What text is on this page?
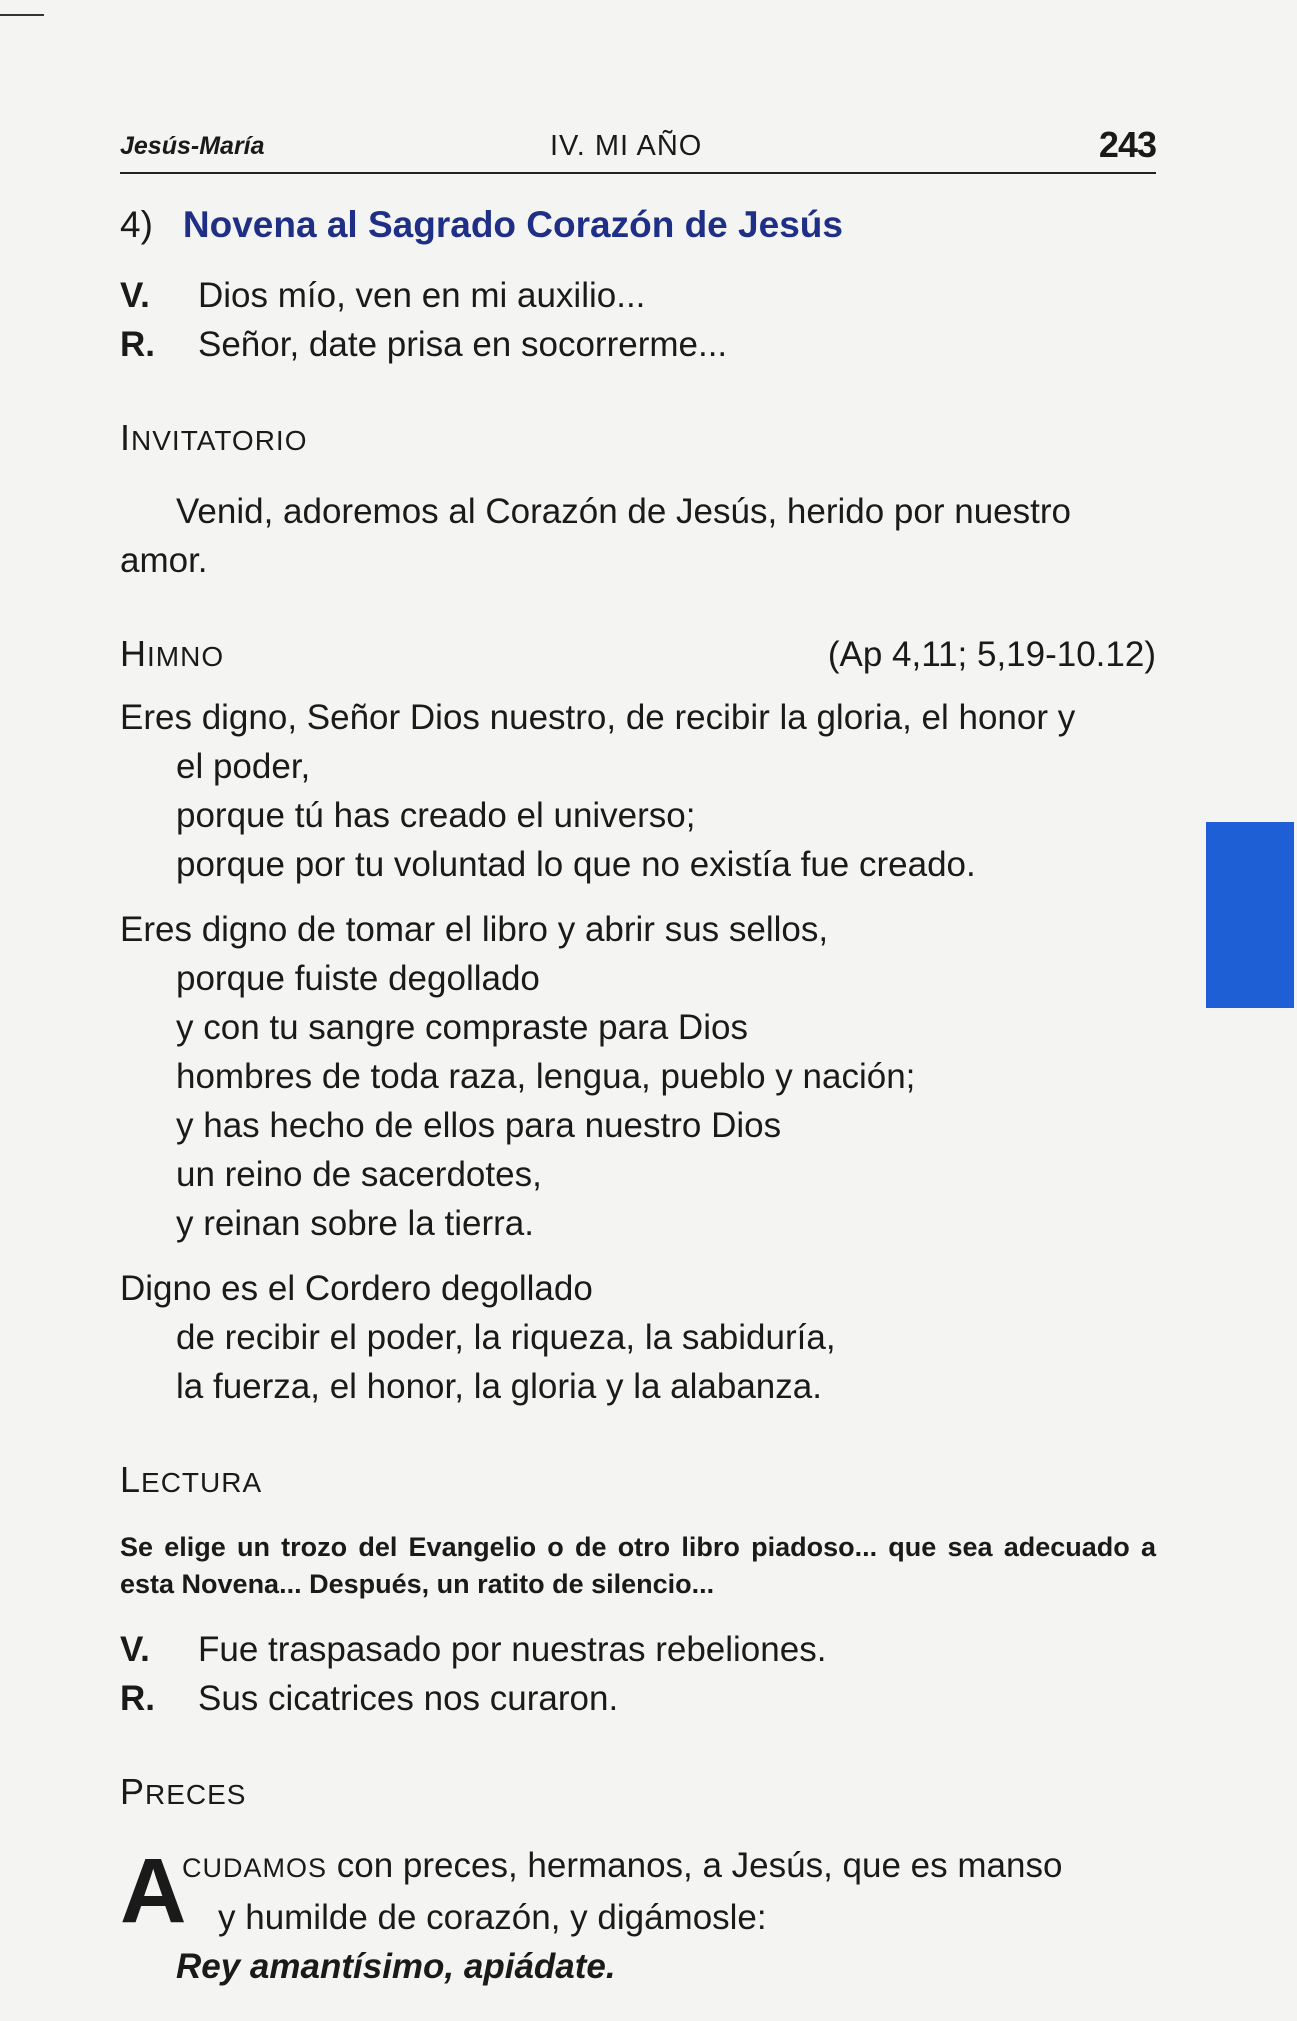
Jesús-María	IV. MI AÑO	243
4) Novena al Sagrado Corazón de Jesús
V.	Dios mío, ven en mi auxilio...
R.	Señor, date prisa en socorrerme...
INVITATORIO
Venid, adoremos al Corazón de Jesús, herido por nuestro amor.
HIMNO	(Ap 4,11; 5,19-10.12)
Eres digno, Señor Dios nuestro, de recibir la gloria, el honor y
el poder,
porque tú has creado el universo;
porque por tu voluntad lo que no existía fue creado.
Eres digno de tomar el libro y abrir sus sellos,
porque fuiste degollado
y con tu sangre compraste para Dios
hombres de toda raza, lengua, pueblo y nación;
y has hecho de ellos para nuestro Dios
un reino de sacerdotes,
y reinan sobre la tierra.
Digno es el Cordero degollado
de recibir el poder, la riqueza, la sabiduría,
la fuerza, el honor, la gloria y la alabanza.
LECTURA
Se elige un trozo del Evangelio o de otro libro piadoso... que sea adecuado a esta Novena... Después, un ratito de silencio...
V.	Fue traspasado por nuestras rebeliones.
R.	Sus cicatrices nos curaron.
PRECES
A
CUDAMOS con preces, hermanos, a Jesús, que es manso
y humilde de corazón, y digámosle:
Rey amantísimo, apiádate.
